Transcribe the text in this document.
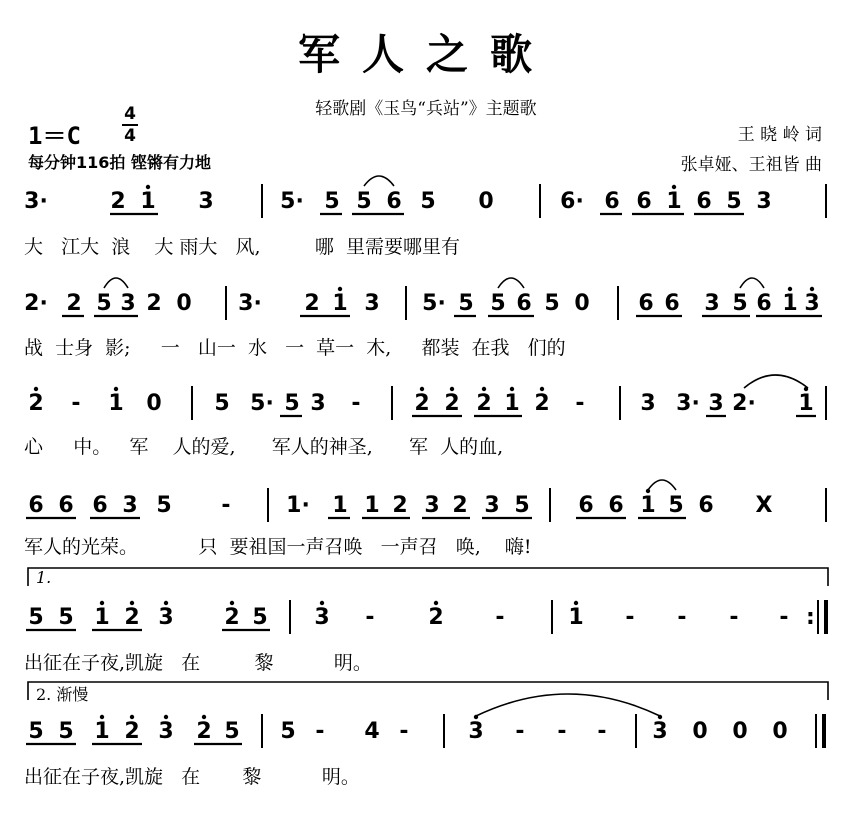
军人之歌
轻歌剧《玉鸟“兵站”》主题歌
1＝C
4
4
每分钟116拍 铿锵有力地
王 晓 岭 词
张卓娅、王祖皆 曲
3·	2 1 3	5· 5 5 6 5 0	6· 6 6 1 6 5 3
2· 2 5 3 2 0 3· 2 1 3 5· 5 5 6 5 0 6 6 3 5 6 1 3
2 - 1 0 5 5· 5 3 - 2 2 2 1 2 -	3 3· 3 2· 1
6 6 6 3 5 -	1· 1 1 2 3 2 3 5 6 6 1 5 6 X
5 5 1 2 3 2 5 3 - 2 -	1 - - - - :
5 5 1 2 3 2 5 5 - 4 -	3 - - - 3 0 0 0
大   江大  浪    大 雨大   风,         哪  里需要哪里有
战  士身  影;     一   山一  水   一  草一  木,     都装  在我   们的
心     中。   军    人的爱,      军人的神圣,      军  人的血,
军人的光荣。          只  要祖国一声召唤   一声召   唤,    嗨!
出征在子夜,凯旋   在         黎          明。
出征在子夜,凯旋   在       黎          明。
1.
2. 渐慢
